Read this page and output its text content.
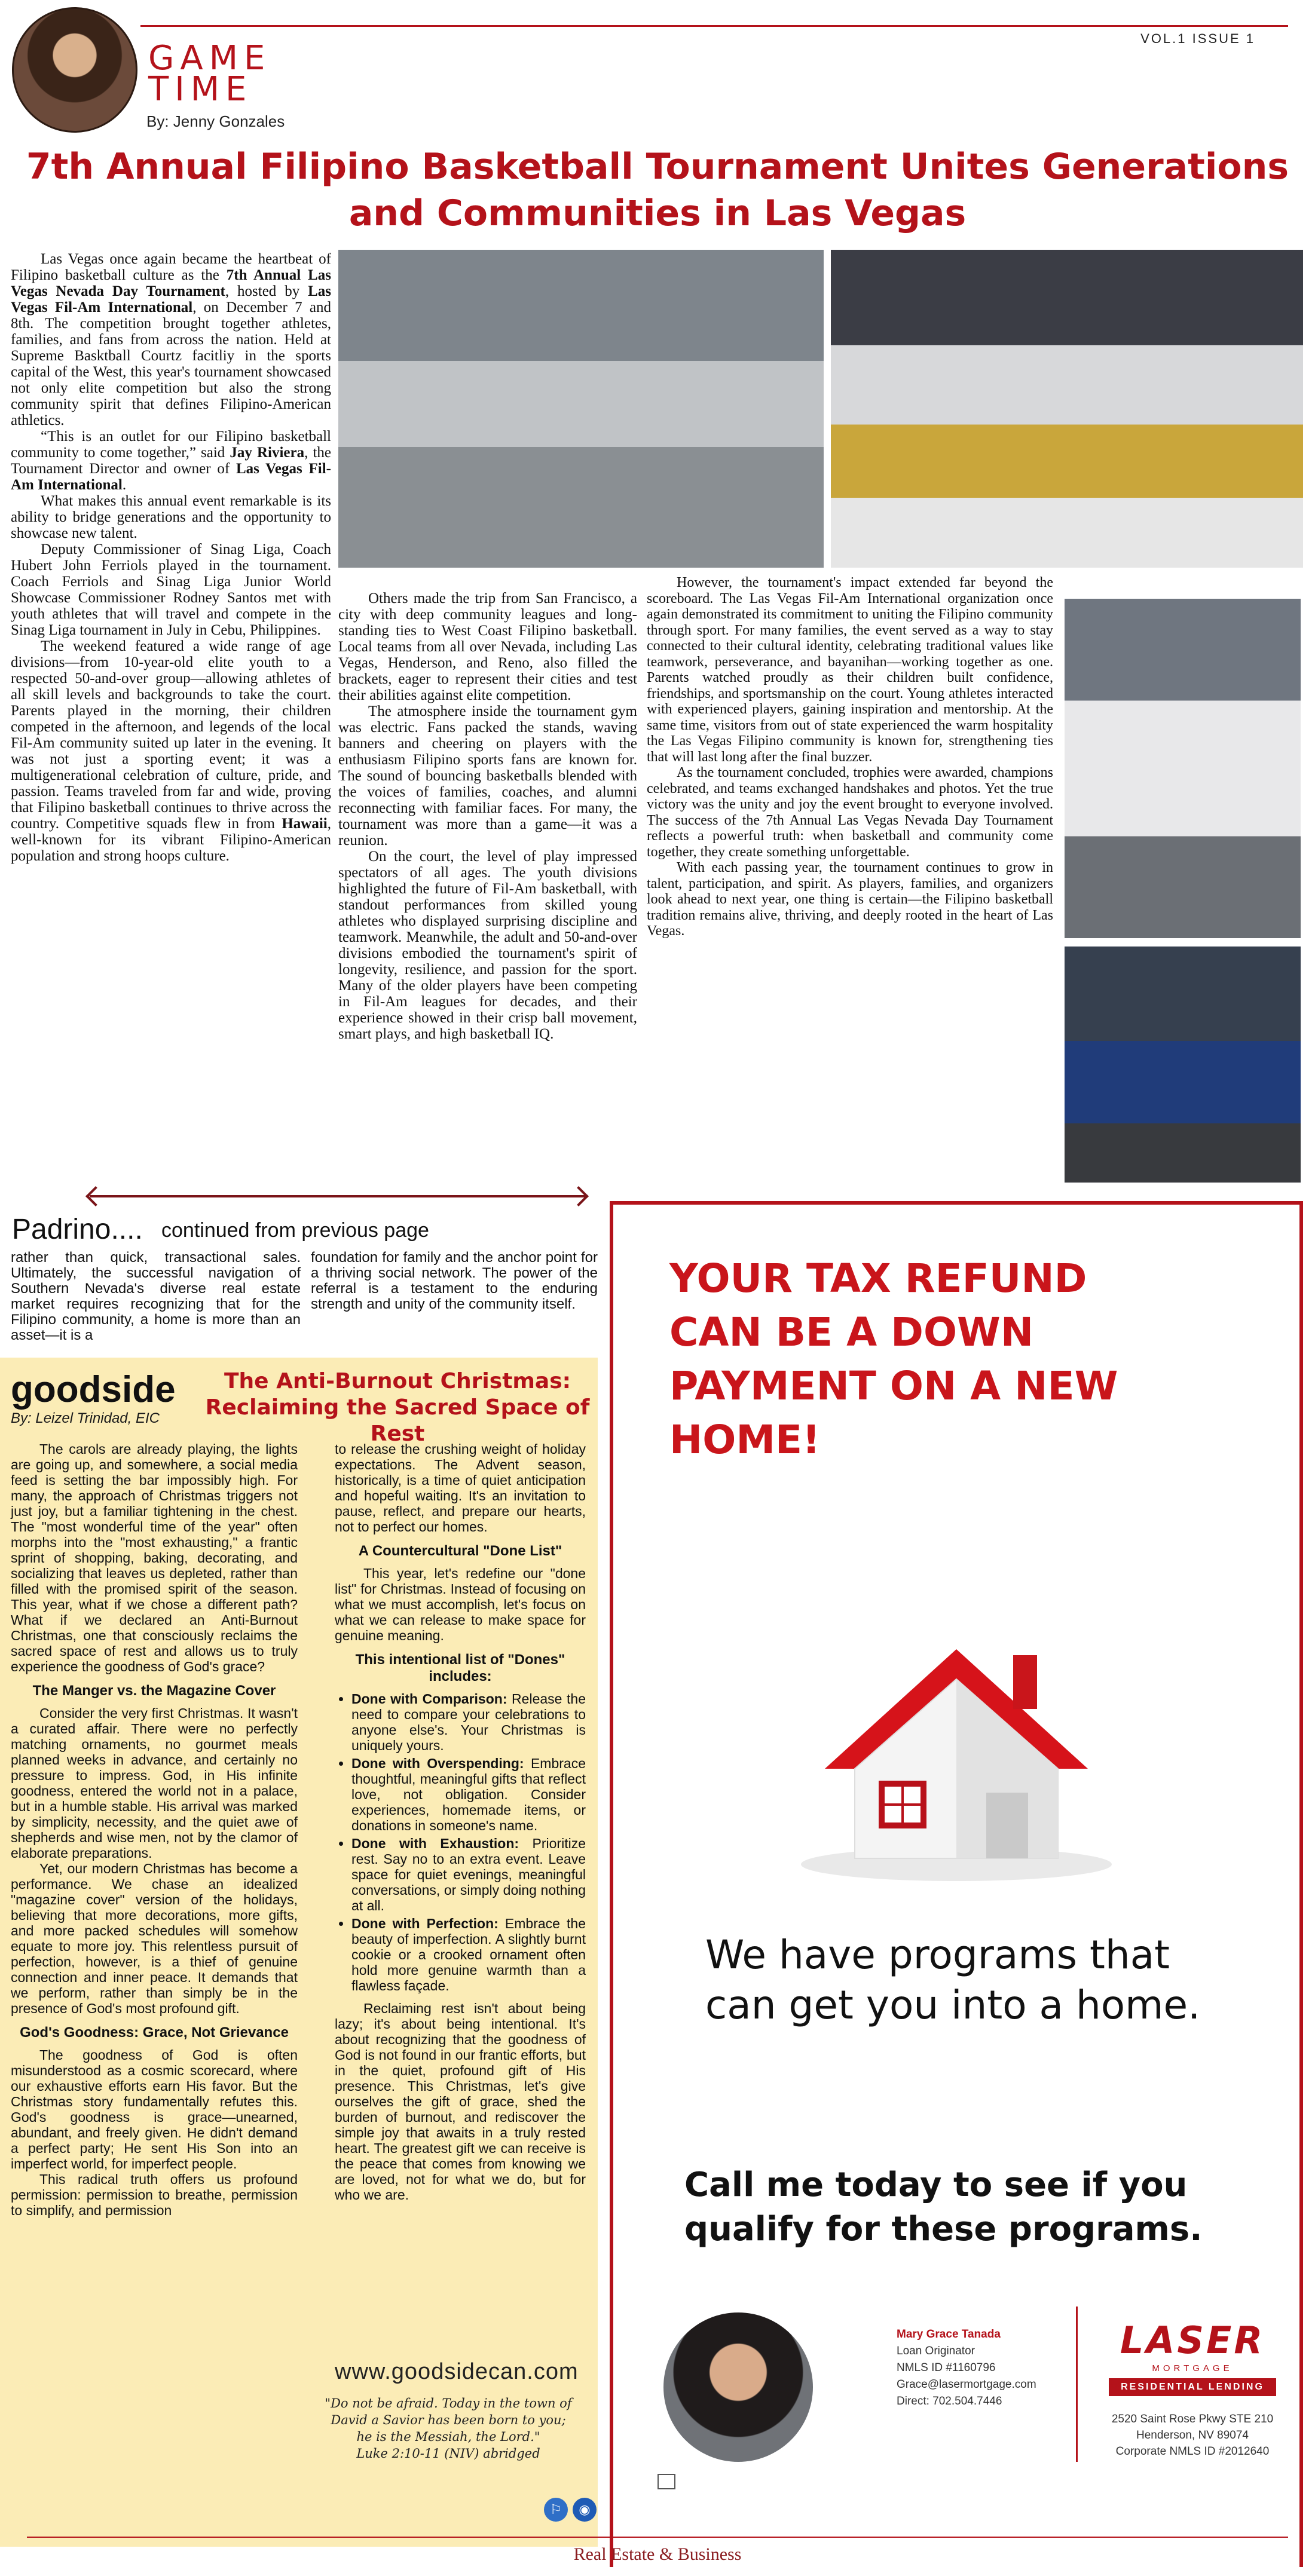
GAME
TIME
By: Jenny Gonzales
VOL.1 ISSUE 1
7th Annual Filipino Basketball Tournament Unites Generations
and Communities in Las Vegas

Las Vegas once again became the heartbeat of Filipino basketball culture as the 7th Annual Las Vegas Nevada Day Tournament, hosted by Las Vegas Fil-Am International, on December 7 and 8th. The competition brought together athletes, families, and fans from across the nation. Held at Supreme Basktball Courtz facitliy in the sports capital of the West, this year's tournament showcased not only elite competition but also the strong community spirit that defines Filipino-American athletics.

“This is an outlet for our Filipino basketball community to come together,” said Jay Riviera, the Tournament Director and owner of Las Vegas Fil-Am International.

What makes this annual event remarkable is its ability to bridge generations and the opportunity to showcase new talent.

Deputy Commissioner of Sinag Liga, Coach Hubert John Ferriols played in the tournament. Coach Ferriols and Sinag Liga Junior World Showcase Commissioner Rodney Santos met with youth athletes that will travel and compete in the Sinag Liga tournament in July in Cebu, Philippines.

The weekend featured a wide range of age divisions—from 10-year-old elite youth to a respected 50-and-over group—allowing athletes of all skill levels and backgrounds to take the court. Parents played in the morning, their children competed in the afternoon, and legends of the local Fil-Am community suited up later in the evening. It was not just a sporting event; it was a multigenerational celebration of culture, pride, and passion. Teams traveled from far and wide, proving that Filipino basketball continues to thrive across the country. Competitive squads flew in from Hawaii, well-known for its vibrant Filipino-American population and strong hoops culture.

Others made the trip from San Francisco, a city with deep community leagues and long-standing ties to West Coast Filipino basketball. Local teams from all over Nevada, including Las Vegas, Henderson, and Reno, also filled the brackets, eager to represent their cities and test their abilities against elite competition.

The atmosphere inside the tournament gym was electric. Fans packed the stands, waving banners and cheering on players with the enthusiasm Filipino sports fans are known for. The sound of bouncing basketballs blended with the voices of families, coaches, and alumni reconnecting with familiar faces. For many, the tournament was more than a game—it was a reunion.

On the court, the level of play impressed spectators of all ages. The youth divisions highlighted the future of Fil-Am basketball, with standout performances from skilled young athletes who displayed surprising discipline and teamwork. Meanwhile, the adult and 50-and-over divisions embodied the tournament's spirit of longevity, resilience, and passion for the sport. Many of the older players have been competing in Fil-Am leagues for decades, and their experience showed in their crisp ball movement, smart plays, and high basketball IQ.

However, the tournament's impact extended far beyond the scoreboard. The Las Vegas Fil-Am International organization once again demonstrated its commitment to uniting the Filipino community through sport. For many families, the event served as a way to stay connected to their cultural identity, celebrating traditional values like teamwork, perseverance, and bayanihan—working together as one. Parents watched proudly as their children built confidence, friendships, and sportsmanship on the court. Young athletes interacted with experienced players, gaining inspiration and mentorship. At the same time, visitors from out of state experienced the warm hospitality the Las Vegas Filipino community is known for, strengthening ties that will last long after the final buzzer.

As the tournament concluded, trophies were awarded, champions celebrated, and teams exchanged handshakes and photos. Yet the true victory was the unity and joy the event brought to everyone involved. The success of the 7th Annual Las Vegas Nevada Day Tournament reflects a powerful truth: when basketball and community come together, they create something unforgettable.

With each passing year, the tournament continues to grow in talent, participation, and spirit. As players, families, and organizers look ahead to next year, one thing is certain—the Filipino basketball tradition remains alive, thriving, and deeply rooted in the heart of Las Vegas.

Padrino.... continued from previous page
rather than quick, transactional sales. Ultimately, the successful navigation of Southern Nevada's diverse real estate market requires recognizing that for the Filipino community, a home is more than an asset—it is a
foundation for family and the anchor point for a thriving social network. The power of the referral is a testament to the enduring strength and unity of the community itself.
goodside
By: Leizel Trinidad, EIC
The Anti-Burnout Christmas: Reclaiming the Sacred Space of Rest

The carols are already playing, the lights are going up, and somewhere, a social media feed is setting the bar impossibly high. For many, the approach of Christmas triggers not just joy, but a familiar tightening in the chest. The "most wonderful time of the year" often morphs into the "most exhausting," a frantic sprint of shopping, baking, decorating, and socializing that leaves us depleted, rather than filled with the promised spirit of the season. This year, what if we chose a different path? What if we declared an Anti-Burnout Christmas, one that consciously reclaims the sacred space of rest and allows us to truly experience the goodness of God's grace?

The Manger vs. the Magazine Cover

Consider the very first Christmas. It wasn't a curated affair. There were no perfectly matching ornaments, no gourmet meals planned weeks in advance, and certainly no pressure to impress. God, in His infinite goodness, entered the world not in a palace, but in a humble stable. His arrival was marked by simplicity, necessity, and the quiet awe of shepherds and wise men, not by the clamor of elaborate preparations.

Yet, our modern Christmas has become a performance. We chase an idealized "magazine cover" version of the holidays, believing that more decorations, more gifts, and more packed schedules will somehow equate to more joy. This relentless pursuit of perfection, however, is a thief of genuine connection and inner peace. It demands that we perform, rather than simply be in the presence of God's most profound gift.

God's Goodness: Grace, Not Grievance

The goodness of God is often misunderstood as a cosmic scorecard, where our exhaustive efforts earn His favor. But the Christmas story fundamentally refutes this. God's goodness is grace—unearned, abundant, and freely given. He didn't demand a perfect party; He sent His Son into an imperfect world, for imperfect people.

This radical truth offers us profound permission: permission to breathe, permission to simplify, and permission

to release the crushing weight of holiday expectations. The Advent season, historically, is a time of quiet anticipation and hopeful waiting. It's an invitation to pause, reflect, and prepare our hearts, not to perfect our homes.

A Countercultural "Done List"

This year, let's redefine our "done list" for Christmas. Instead of focusing on what we must accomplish, let's focus on what we can release to make space for genuine meaning.

This intentional list of "Dones" includes:
• Done with Comparison: Release the need to compare your celebrations to anyone else's. Your Christmas is uniquely yours.
• Done with Overspending: Embrace thoughtful, meaningful gifts that reflect love, not obligation. Consider experiences, homemade items, or donations in someone's name.
• Done with Exhaustion: Prioritize rest. Say no to an extra event. Leave space for quiet evenings, meaningful conversations, or simply doing nothing at all.
• Done with Perfection: Embrace the beauty of imperfection. A slightly burnt cookie or a crooked ornament often hold more genuine warmth than a flawless façade.

Reclaiming rest isn't about being lazy; it's about being intentional. It's about recognizing that the goodness of God is not found in our frantic efforts, but in the quiet, profound gift of His presence. This Christmas, let's give ourselves the gift of grace, shed the burden of burnout, and rediscover the simple joy that awaits in a truly rested heart. The greatest gift we can receive is the peace that comes from knowing we are loved, not for what we do, but for who we are.

www.goodsidecan.com
"Do not be afraid. Today in the town of David a Savior has been born to you; he is the Messiah, the Lord."
Luke 2:10-11 (NIV) abridged
⚐	◉
YOUR TAX REFUND CAN BE A DOWN PAYMENT ON A NEW HOME!
We have programs that can get you into a home.
Call me today to see if you qualify for these programs.
Mary Grace Tanada
Loan Originator
NMLS ID #1160796
Grace@lasermortgage.com
Direct: 702.504.7446
LASER
MORTGAGE
RESIDENTIAL LENDING
2520 Saint Rose Pkwy STE 210
Henderson, NV 89074
Corporate NMLS ID #2012640
Real Estate & Business
